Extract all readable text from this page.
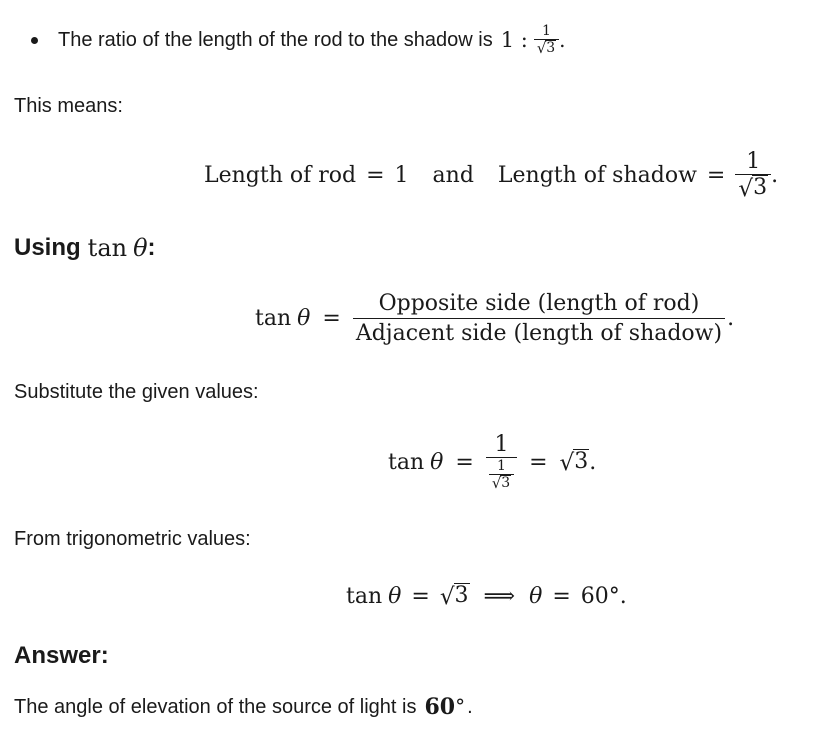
The ratio of the length of the rod to the shadow is 1 : $\frac{1}{√ 3}$ .
This means:
Length of rod = 1 and Length of shadow = $\frac{1}{√ 3}$ .
Using tan θ :
$\tan \theta = \frac{\text{Opposite side (length of rod)}}{\text{Adjacent side (length of shadow)}}$ .
Substitute the given values:
$\tan \theta = \frac{1}{\frac{1}{√ 3}}$ = √ 3 .
From trigonometric values:
tan θ = √ 3 ⟹ θ = 60° .
Answer:
The angle of elevation of the source of light is 60 ° .
